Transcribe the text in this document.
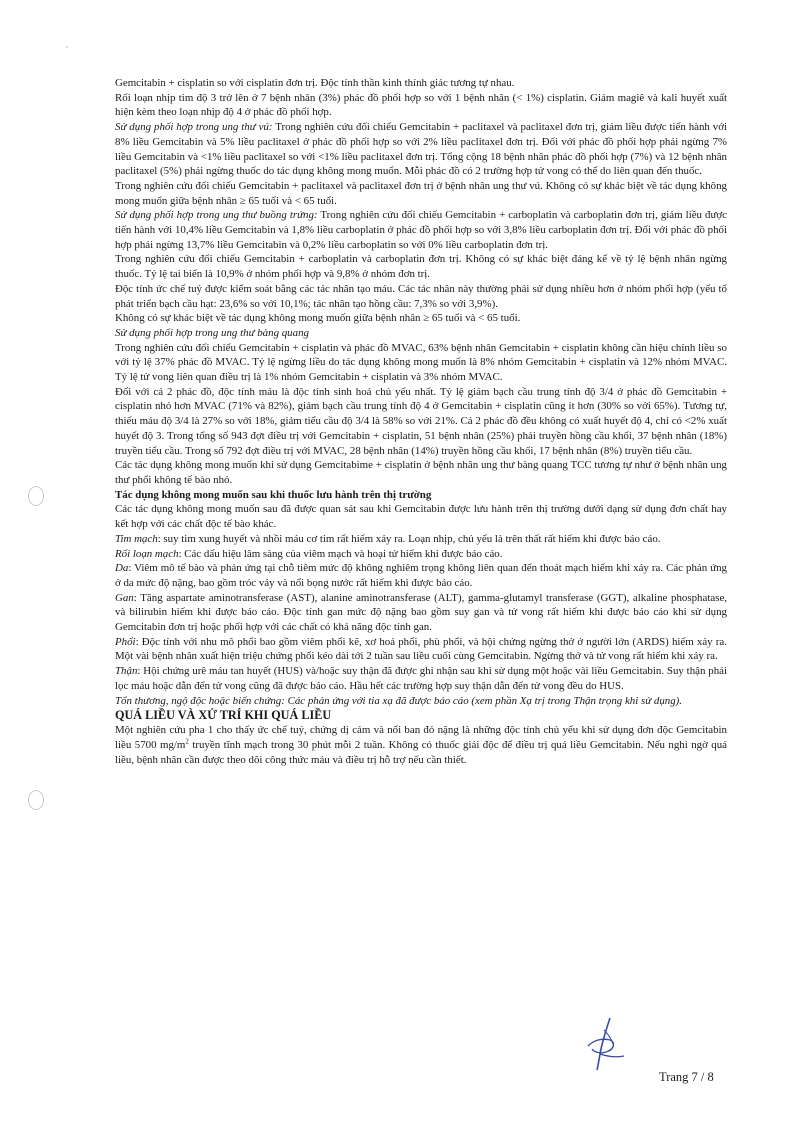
Gemcitabin + cisplatin so với cisplatin đơn trị. Độc tính thần kinh thính giác tương tự nhau.

Rối loạn nhịp tim độ 3 trở lên ở 7 bệnh nhân (3%) phác đồ phối hợp so với 1 bệnh nhân (< 1%) cisplatin. Giảm magiê và kali huyết xuất hiện kèm theo loạn nhịp độ 4 ở phác đồ phối hợp.

Sử dụng phối hợp trong ung thư vú: Trong nghiên cứu đối chiếu Gemcitabin + paclitaxel và paclitaxel đơn trị, giảm liều được tiến hành với 8% liều Gemcitabin và 5% liều paclitaxel ở phác đồ phối hợp so với 2% liều paclitaxel đơn trị. Đối với phác đồ phối hợp phải ngừng 7% liều Gemcitabin và <1% liều paclitaxel so với <1% liều paclitaxel đơn trị. Tổng cộng 18 bệnh nhân phác đồ phối hợp (7%) và 12 bệnh nhân paclitaxel (5%) phải ngừng thuốc do tác dụng không mong muốn. Mỗi phác đồ có 2 trường hợp tử vong có thể do liên quan đến thuốc.

Trong nghiên cứu đối chiếu Gemcitabin + paclitaxel và paclitaxel đơn trị ở bệnh nhân ung thư vú. Không có sự khác biệt về tác dụng không mong muốn giữa bệnh nhân ≥ 65 tuổi và < 65 tuổi.

Sử dụng phối hợp trong ung thư buồng trứng: Trong nghiên cứu đối chiếu Gemcitabin + carboplatin và carboplatin đơn trị, giảm liều được tiến hành với 10,4% liều Gemcitabin và 1,8% liều carboplatin ở phác đồ phối hợp so với 3,8% liều carboplatin đơn trị. Đối với phác đồ phối hợp phải ngừng 13,7% liều Gemcitabin và 0,2% liều carboplatin so với 0% liều carboplatin đơn trị.

Trong nghiên cứu đối chiếu Gemcitabin + carboplatin và carboplatin đơn trị. Không có sự khác biệt đáng kể về tỷ lệ bệnh nhân ngừng thuốc. Tỷ lệ tai biến là 10,9% ở nhóm phối hợp và 9,8% ở nhóm đơn trị.

Độc tính ức chế tuỷ được kiểm soát bằng các tác nhân tạo máu. Các tác nhân này thường phải sử dụng nhiều hơn ở nhóm phối hợp (yếu tố phát triển bạch cầu hạt: 23,6% so với 10,1%; tác nhân tạo hồng cầu: 7,3% so với 3,9%).

Không có sự khác biệt về tác dụng không mong muốn giữa bệnh nhân ≥ 65 tuổi và < 65 tuổi.

Sử dụng phối hợp trong ung thư bàng quang

Trong nghiên cứu đối chiếu Gemcitabin + cisplatin và phác đồ MVAC, 63% bệnh nhân Gemcitabin + cisplatin không cần hiệu chỉnh liều so với tỷ lệ 37% phác đồ MVAC. Tỷ lệ ngừng liều do tác dụng không mong muốn là 8% nhóm Gemcitabin + cisplatin và 12% nhóm MVAC. Tỷ lệ tử vong liên quan điều trị là 1% nhóm Gemcitabin + cisplatin và 3% nhóm MVAC.

Đối với cả 2 phác đồ, độc tính máu là độc tính sinh hoá chủ yếu nhất. Tỷ lệ giảm bạch cầu trung tính độ 3/4 ở phác đồ Gemcitabin + cisplatin nhỏ hơn MVAC (71% và 82%), giảm bạch cầu trung tính độ 4 ở Gemcitabin + cisplatin cũng ít hơn (30% so với 65%). Tương tự, thiếu máu độ 3/4 là 27% so với 18%, giảm tiểu cầu độ 3/4 là 58% so với 21%. Cả 2 phác đồ đều không có xuất huyết độ 4, chỉ có <2% xuất huyết độ 3. Trong tổng số 943 đợt điều trị với Gemcitabin + cisplatin, 51 bệnh nhân (25%) phải truyền hồng cầu khối, 37 bệnh nhân (18%) truyền tiểu cầu. Trong số 792 đợt điều trị với MVAC, 28 bệnh nhân (14%) truyền hồng cầu khối, 17 bệnh nhân (8%) truyền tiểu cầu.

Các tác dụng không mong muốn khi sử dụng Gemcitabime + cisplatin ở bệnh nhân ung thư bàng quang TCC tương tự như ở bệnh nhân ung thư phổi không tế bào nhỏ.

Tác dụng không mong muốn sau khi thuốc lưu hành trên thị trường

Các tác dụng không mong muốn sau đã được quan sát sau khi Gemcitabin được lưu hành trên thị trường dưới dạng sử dụng đơn chất hay kết hợp với các chất độc tế bào khác.

Tim mạch: suy tim xung huyết và nhồi máu cơ tim rất hiếm xảy ra. Loạn nhịp, chủ yếu là trên thất rất hiếm khi được báo cáo.

Rối loạn mạch: Các dấu hiệu lâm sàng của viêm mạch và hoại tử hiếm khi được báo cáo.

Da: Viêm mô tế bào và phản ứng tại chỗ tiêm mức độ không nghiêm trọng không liên quan đến thoát mạch hiếm khi xảy ra. Các phản ứng ở da mức độ nặng, bao gồm tróc vảy và nổi bọng nước rất hiếm khi được báo cáo.

Gan: Tăng aspartate aminotransferase (AST), alanine aminotransferase (ALT), gamma-glutamyl transferase (GGT), alkaline phosphatase, và bilirubin hiếm khi được báo cáo. Độc tính gan mức độ nặng bao gồm suy gan và tử vong rất hiếm khi được báo cáo khi sử dụng Gemcitabin đơn trị hoặc phối hợp với các chất có khả năng độc tính gan.

Phổi: Độc tính với nhu mô phổi bao gồm viêm phổi kẽ, xơ hoá phổi, phù phổi, và hội chứng ngừng thở ở người lớn (ARDS) hiếm xảy ra. Một vài bệnh nhân xuất hiện triệu chứng phổi kéo dài tới 2 tuần sau liều cuối cùng Gemcitabin. Ngừng thở và tử vong rất hiếm khi xảy ra.

Thận: Hội chứng urê máu tan huyết (HUS) và/hoặc suy thận đã được ghi nhận sau khi sử dụng một hoặc vài liều Gemcitabin. Suy thận phải lọc máu hoặc dẫn đến tử vong cũng đã được báo cáo. Hầu hết các trường hợp suy thận dẫn đến tử vong đều do HUS.

Tổn thương, ngộ độc hoặc biến chứng: Các phản ứng với tia xạ đã được báo cáo (xem phần Xạ trị trong Thận trọng khi sử dụng).

QUÁ LIỀU VÀ XỬ TRÍ KHI QUÁ LIỀU

Một nghiên cứu pha 1 cho thấy ức chế tuỷ, chứng dị cảm và nổi ban đỏ nặng là những độc tính chủ yếu khi sử dụng đơn độc Gemcitabin liều 5700 $mg/m^2$ truyền tĩnh mạch trong 30 phút mỗi 2 tuần. Không có thuốc giải độc để điều trị quá liều Gemcitabin. Nếu nghi ngờ quá liều, bệnh nhân cần được theo dõi công thức máu và điều trị hỗ trợ nếu cần thiết.

Trang 7 / 8
